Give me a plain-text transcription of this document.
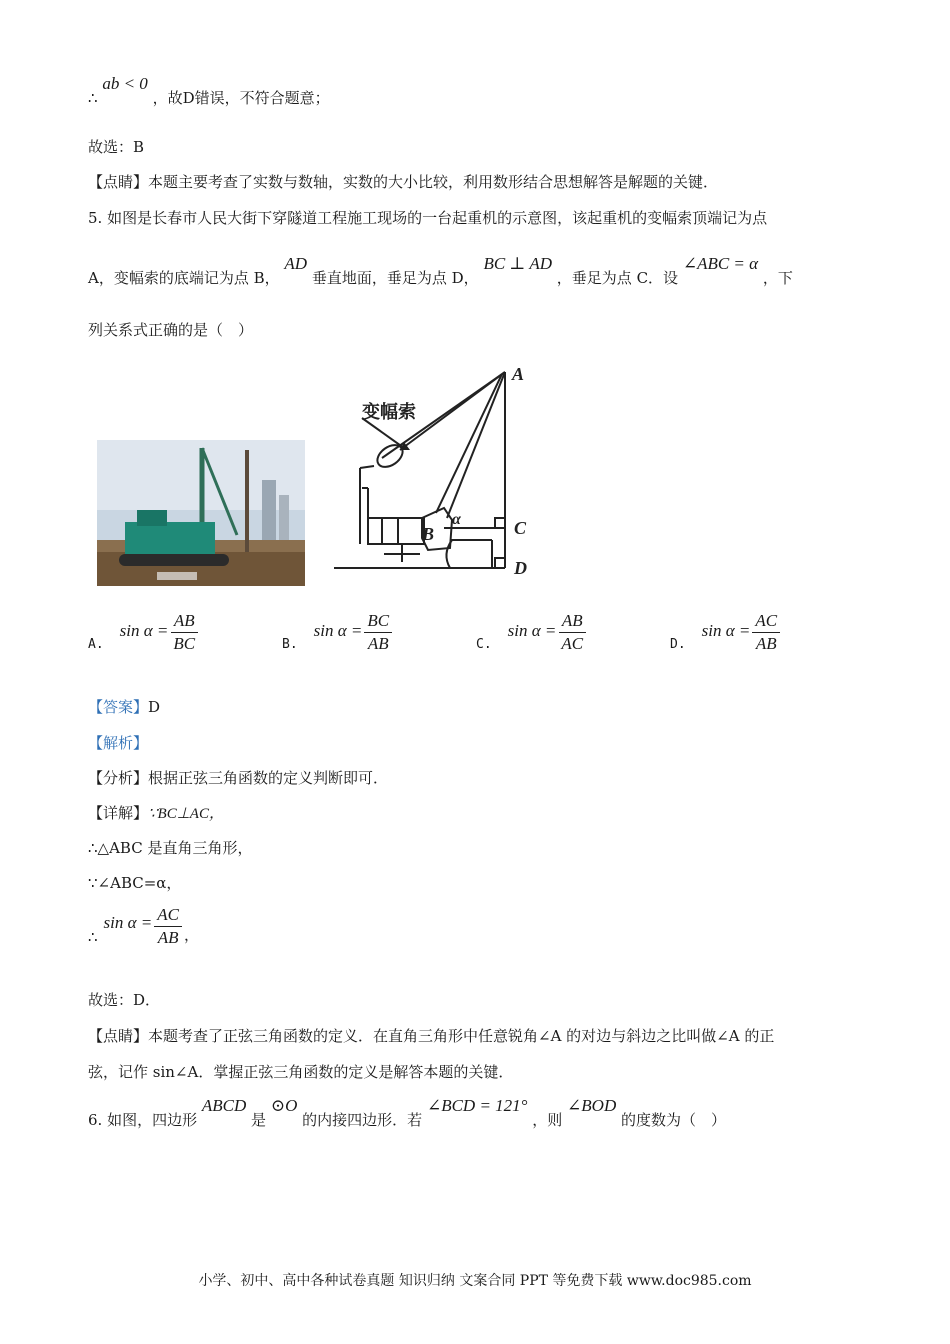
∴ ab < 0 ，故D错误，不符合题意；
故选：B
【点睛】本题主要考查了实数与数轴，实数的大小比较，利用数形结合思想解答是解题的关键．
5. 如图是长春市人民大街下穿隧道工程施工现场的一台起重机的示意图，该起重机的变幅索顶端记为点
A，变幅索的底端记为点 B， AD 垂直地面，垂足为点 D， BC ⊥ AD ，垂足为点 C．设 ∠ABC = α ，下
列关系式正确的是（　）
变幅索
A
B	C
D
α
A.
$\sin \alpha = \frac{AB}{BC}$	B.
$\sin \alpha = \frac{BC}{AB}$	C.
$\sin \alpha = \frac{AB}{AC}$	D.
$\sin \alpha = \frac{AC}{AB}$
【答案】D
【解析】
【分析】根据正弦三角函数的定义判断即可．
【详解】∵BC⊥AC，
∴△ABC 是直角三角形，
∵∠ABC=α，
∴
$\sin \alpha = \frac{AC}{AB}$ ，
故选：D．
【点睛】本题考查了正弦三角函数的定义．在直角三角形中任意锐角∠A 的对边与斜边之比叫做∠A 的正
弦，记作 sin∠A．掌握正弦三角函数的定义是解答本题的关键．
6. 如图，四边形 ABCD 是 ⊙O 的内接四边形．若 ∠BCD = 121° ，则 ∠BOD 的度数为（　）
小学、初中、高中各种试卷真题 知识归纳 文案合同 PPT 等免费下载 www.doc985.com
